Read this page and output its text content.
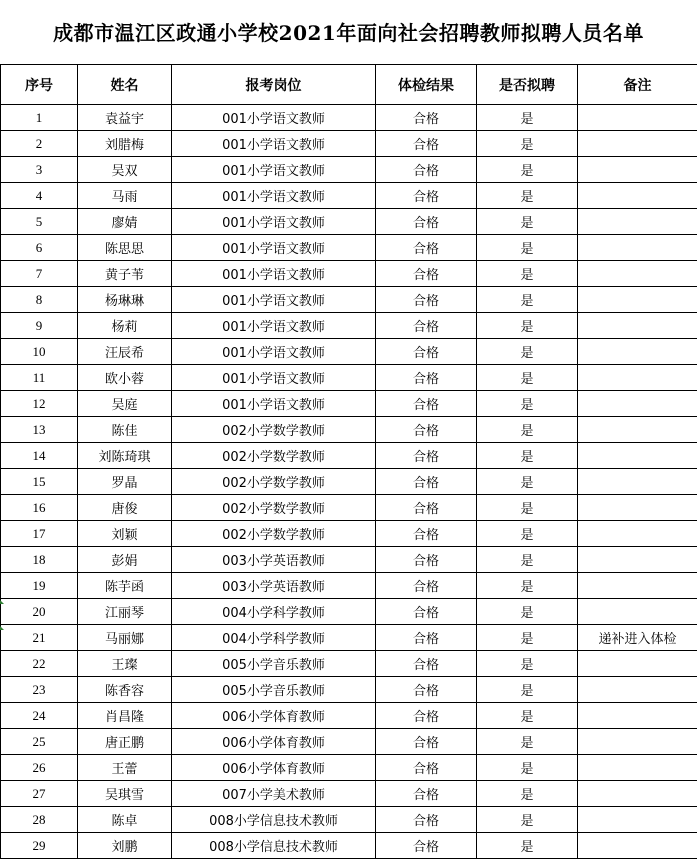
成都市温江区政通小学校2021年面向社会招聘教师拟聘人员名单
序号	姓名	报考岗位	体检结果	是否拟聘	备注
1	袁益宇	001小学语文教师	合格	是	
2	刘腊梅	001小学语文教师	合格	是	
3	吴双	001小学语文教师	合格	是	
4	马雨	001小学语文教师	合格	是	
5	廖婧	001小学语文教师	合格	是	
6	陈思思	001小学语文教师	合格	是	
7	黄子苇	001小学语文教师	合格	是	
8	杨琳琳	001小学语文教师	合格	是	
9	杨莉	001小学语文教师	合格	是	
10	汪辰希	001小学语文教师	合格	是	
11	欧小蓉	001小学语文教师	合格	是	
12	吴庭	001小学语文教师	合格	是	
13	陈佳	002小学数学教师	合格	是	
14	刘陈琦琪	002小学数学教师	合格	是	
15	罗晶	002小学数学教师	合格	是	
16	唐俊	002小学数学教师	合格	是	
17	刘颖	002小学数学教师	合格	是	
18	彭娟	003小学英语教师	合格	是	
19	陈芋函	003小学英语教师	合格	是	
20	江丽琴	004小学科学教师	合格	是	
21	马丽娜	004小学科学教师	合格	是	递补进入体检
22	王璨	005小学音乐教师	合格	是	
23	陈香容	005小学音乐教师	合格	是	
24	肖昌隆	006小学体育教师	合格	是	
25	唐正鹏	006小学体育教师	合格	是	
26	王蕾	006小学体育教师	合格	是	
27	吴琪雪	007小学美术教师	合格	是	
28	陈卓	008小学信息技术教师	合格	是	
29	刘鹏	008小学信息技术教师	合格	是	
